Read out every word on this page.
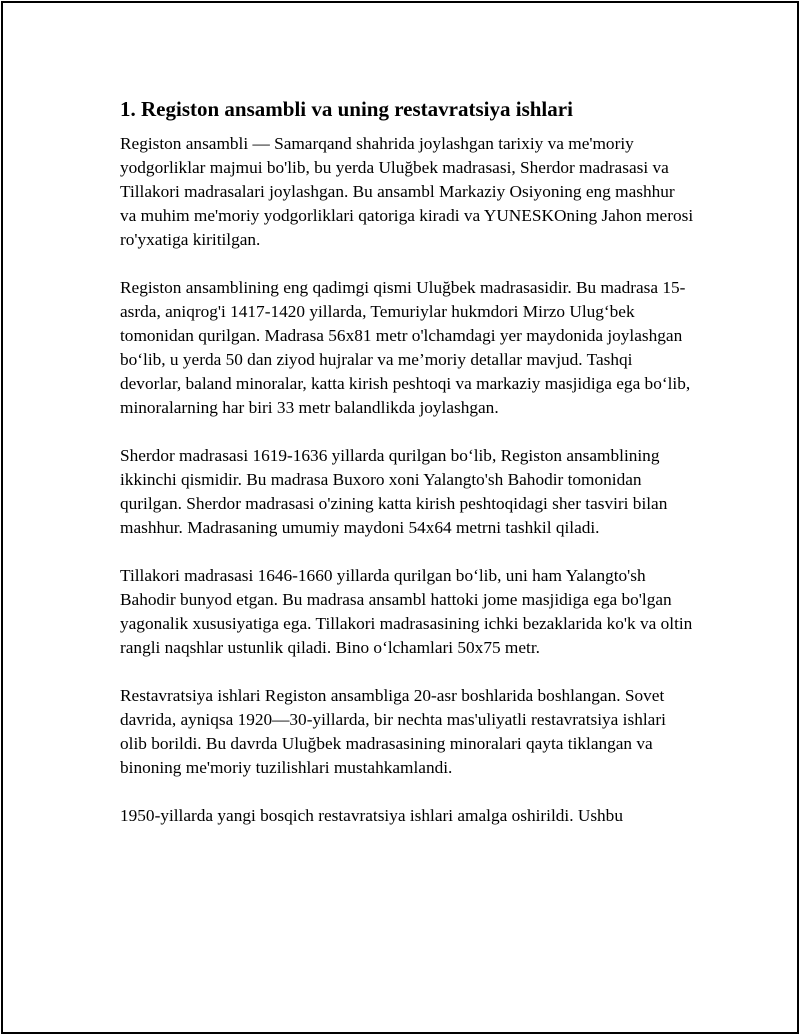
1. Registon ansambli va uning restavratsiya ishlari

Registon ansambli — Samarqand shahrida joylashgan tarixiy va me'moriy yodgorliklar majmui bo'lib, bu yerda Uluğbek madrasasi, Sherdor madrasasi va Tillakori madrasalari joylashgan. Bu ansambl Markaziy Osiyoning eng mashhur va muhim me'moriy yodgorliklari qatoriga kiradi va YUNESKOning Jahon merosi ro'yxatiga kiritilgan.

Registon ansamblining eng qadimgi qismi Uluğbek madrasasidir. Bu madrasa 15-asrda, aniqrog'i 1417-1420 yillarda, Temuriylar hukmdori Mirzo Ulug‘bek tomonidan qurilgan. Madrasa 56x81 metr o'lchamdagi yer maydonida joylashgan bo‘lib, u yerda 50 dan ziyod hujralar va me’moriy detallar mavjud. Tashqi devorlar, baland minoralar, katta kirish peshtoqi va markaziy masjidiga ega bo‘lib, minoralarning har biri 33 metr balandlikda joylashgan.

Sherdor madrasasi 1619-1636 yillarda qurilgan bo‘lib, Registon ansamblining ikkinchi qismidir. Bu madrasa Buxoro xoni Yalangto'sh Bahodir tomonidan qurilgan. Sherdor madrasasi o'zining katta kirish peshtoqidagi sher tasviri bilan mashhur. Madrasaning umumiy maydoni 54x64 metrni tashkil qiladi.

Tillakori madrasasi 1646-1660 yillarda qurilgan bo‘lib, uni ham Yalangto'sh Bahodir bunyod etgan. Bu madrasa ansambl hattoki jome masjidiga ega bo'lgan yagonalik xususiyatiga ega. Tillakori madrasasining ichki bezaklarida ko'k va oltin rangli naqshlar ustunlik qiladi. Bino o‘lchamlari 50x75 metr.

Restavratsiya ishlari Registon ansambliga 20-asr boshlarida boshlangan. Sovet davrida, ayniqsa 1920—30-yillarda, bir nechta mas'uliyatli restavratsiya ishlari olib borildi. Bu davrda Uluğbek madrasasining minoralari qayta tiklangan va binoning me'moriy tuzilishlari mustahkamlandi.

1950-yillarda yangi bosqich restavratsiya ishlari amalga oshirildi. Ushbu
